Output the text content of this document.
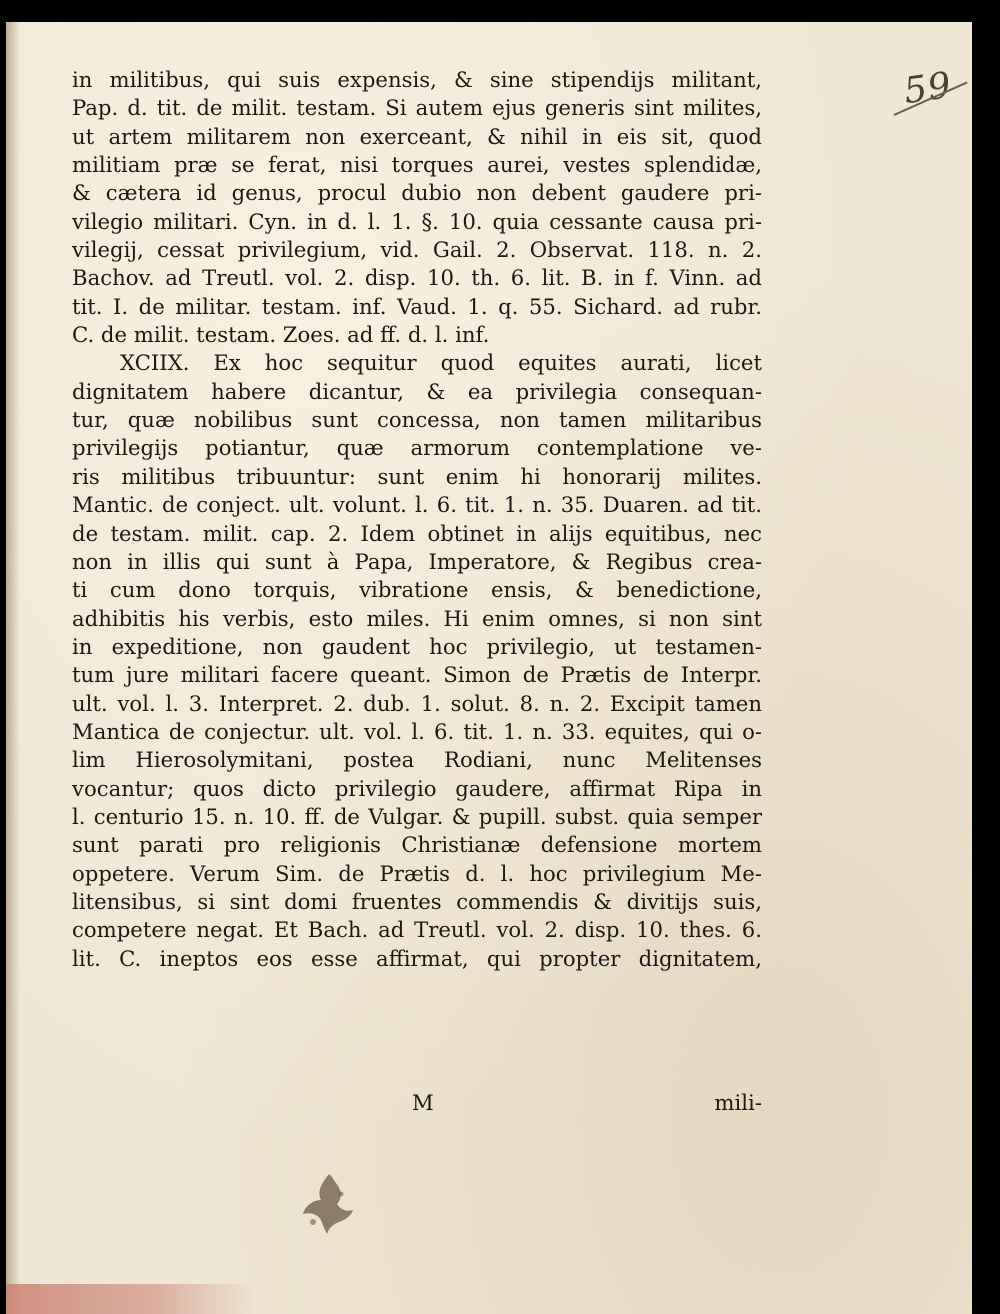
59
in militibus, qui suis expensis, & sine stipendijs militant,
Pap. d. tit. de milit. testam. Si autem ejus generis sint milites,
ut artem militarem non exerceant, & nihil in eis sit, quod
militiam præ se ferat, nisi torques aurei, vestes splendidæ,
& cætera id genus, procul dubio non debent gaudere pri-
vilegio militari. Cyn. in d. l. 1. §. 10. quia cessante causa pri-
vilegij, cessat privilegium, vid. Gail. 2. Observat. 118. n. 2.
Bachov. ad Treutl. vol. 2. disp. 10. th. 6. lit. B. in f. Vinn. ad
tit. I. de militar. testam. inf. Vaud. 1. q. 55. Sichard. ad rubr.
C. de milit. testam. Zoes. ad ff. d. l. inf.
XCIIX. Ex hoc sequitur quod equites aurati, licet
dignitatem habere dicantur, & ea privilegia consequan-
tur, quæ nobilibus sunt concessa, non tamen militaribus
privilegijs potiantur, quæ armorum contemplatione ve-
ris militibus tribuuntur: sunt enim hi honorarij milites.
Mantic. de conject. ult. volunt. l. 6. tit. 1. n. 35. Duaren. ad tit.
de testam. milit. cap. 2. Idem obtinet in alijs equitibus, nec
non in illis qui sunt à Papa, Imperatore, & Regibus crea-
ti cum dono torquis, vibratione ensis, & benedictione,
adhibitis his verbis, esto miles. Hi enim omnes, si non sint
in expeditione, non gaudent hoc privilegio, ut testamen-
tum jure militari facere queant. Simon de Prætis de Interpr.
ult. vol. l. 3. Interpret. 2. dub. 1. solut. 8. n. 2. Excipit tamen
Mantica de conjectur. ult. vol. l. 6. tit. 1. n. 33. equites, qui o-
lim Hierosolymitani, postea Rodiani, nunc Melitenses
vocantur; quos dicto privilegio gaudere, affirmat Ripa in
l. centurio 15. n. 10. ff. de Vulgar. & pupill. subst. quia semper
sunt parati pro religionis Christianæ defensione mortem
oppetere. Verum Sim. de Prætis d. l. hoc privilegium Me-
litensibus, si sint domi fruentes commendis & divitijs suis,
competere negat. Et Bach. ad Treutl. vol. 2. disp. 10. thes. 6.
lit. C. ineptos eos esse affirmat, qui propter dignitatem,
M	mili-
